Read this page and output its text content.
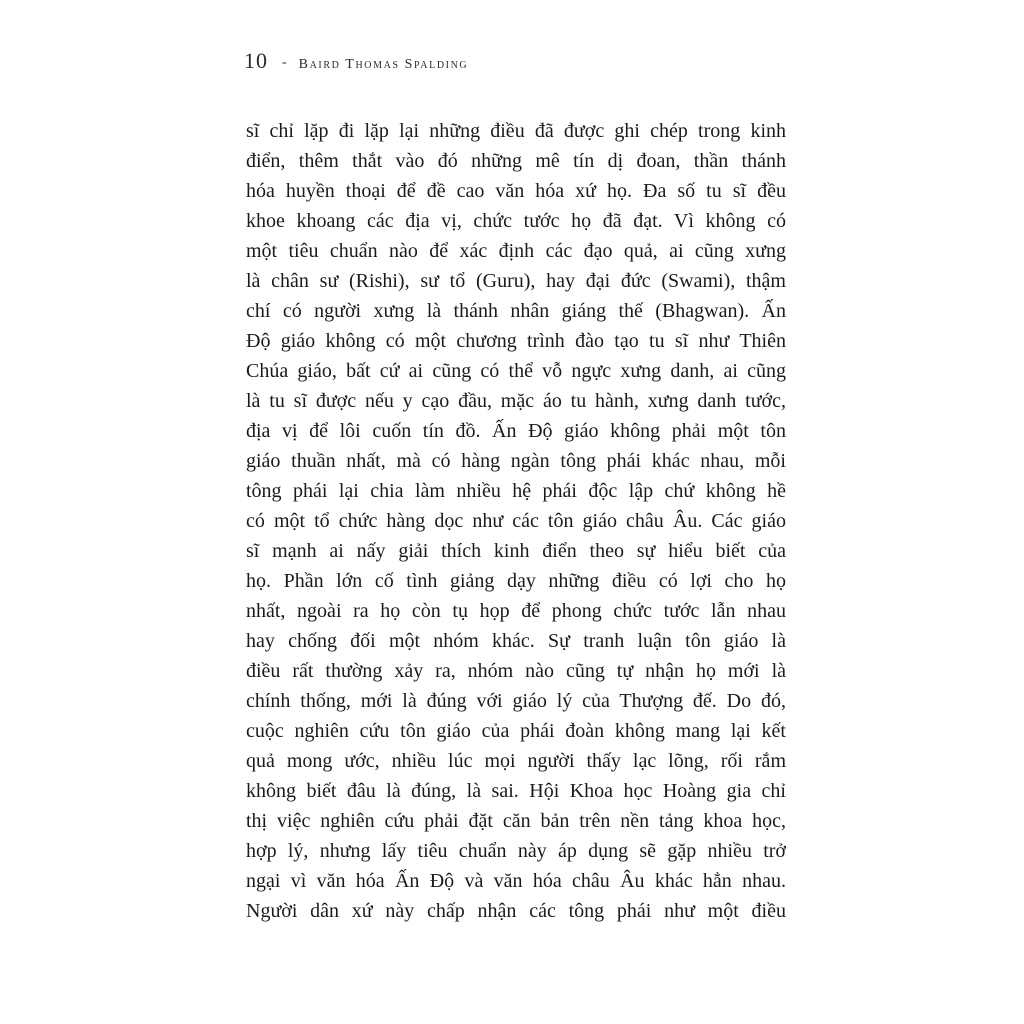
10 - Baird Thomas Spalding
sĩ chỉ lặp đi lặp lại những điều đã được ghi chép trong kinh
điển, thêm thắt vào đó những mê tín dị đoan, thần thánh
hóa huyền thoại để đề cao văn hóa xứ họ. Đa số tu sĩ đều
khoe khoang các địa vị, chức tước họ đã đạt. Vì không có
một tiêu chuẩn nào để xác định các đạo quả, ai cũng xưng
là chân sư (Rishi), sư tổ (Guru), hay đại đức (Swami), thậm
chí có người xưng là thánh nhân giáng thế (Bhagwan). Ấn
Độ giáo không có một chương trình đào tạo tu sĩ như Thiên
Chúa giáo, bất cứ ai cũng có thể vỗ ngực xưng danh, ai cũng
là tu sĩ được nếu y cạo đầu, mặc áo tu hành, xưng danh tước,
địa vị để lôi cuốn tín đồ. Ấn Độ giáo không phải một tôn
giáo thuần nhất, mà có hàng ngàn tông phái khác nhau, mỗi
tông phái lại chia làm nhiều hệ phái độc lập chứ không hề
có một tổ chức hàng dọc như các tôn giáo châu Âu. Các giáo
sĩ mạnh ai nấy giải thích kinh điển theo sự hiểu biết của
họ. Phần lớn cố tình giảng dạy những điều có lợi cho họ
nhất, ngoài ra họ còn tụ họp để phong chức tước lẫn nhau
hay chống đối một nhóm khác. Sự tranh luận tôn giáo là
điều rất thường xảy ra, nhóm nào cũng tự nhận họ mới là
chính thống, mới là đúng với giáo lý của Thượng đế. Do đó,
cuộc nghiên cứu tôn giáo của phái đoàn không mang lại kết
quả mong ước, nhiều lúc mọi người thấy lạc lõng, rối rắm
không biết đâu là đúng, là sai. Hội Khoa học Hoàng gia chỉ
thị việc nghiên cứu phải đặt căn bản trên nền tảng khoa học,
hợp lý, nhưng lấy tiêu chuẩn này áp dụng sẽ gặp nhiều trở
ngại vì văn hóa Ấn Độ và văn hóa châu Âu khác hẳn nhau.
Người dân xứ này chấp nhận các tông phái như một điều
